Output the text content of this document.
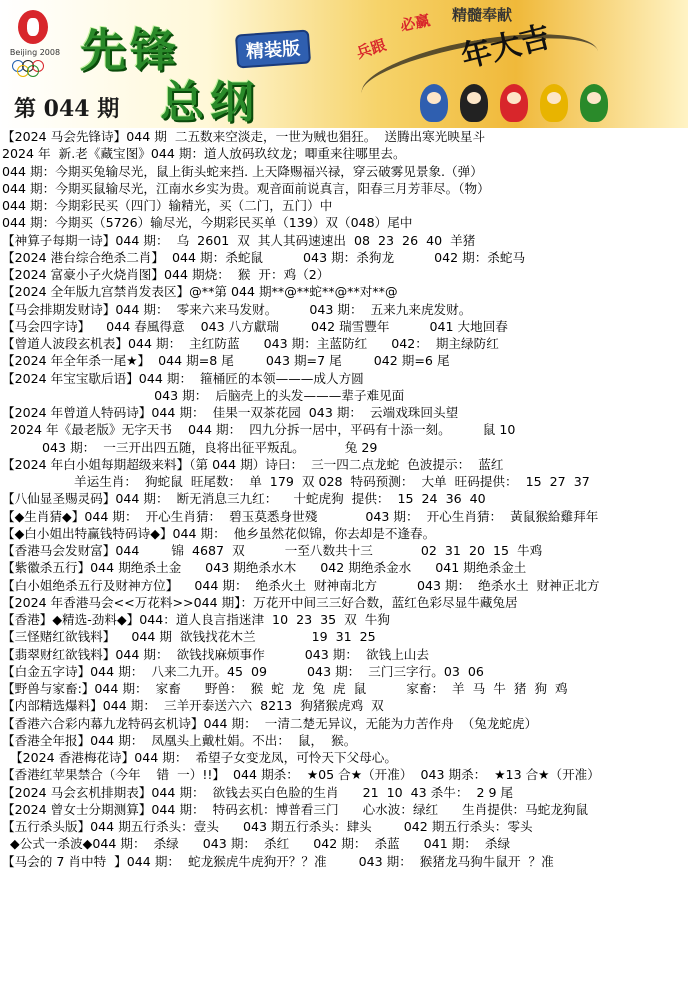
Beijing 2008 先锋
总纲
精装版
第 044 期
必赢 精髓奉献
兵跟 年大吉
【2024 马会先锋诗】044 期  二五数来空淡走，一世为贼也猖狂。  送腾出寒光映星斗
2024 年  新.老《藏宝图》044 期：道人放码玖纹龙；唧重来往哪里去。
044 期：今期买兔输尽光，鼠上街头蛇来挡. 上天降赐福兴禄，穿云破雾见景象.（弹）
044 期：今期买鼠输尽光，江南水乡实为贵。观音面前说真言，阳春三月芳菲尽。（物）
044 期：今期彩民买（四门）输精光，买（二门，五门）中
044 期：今期买（5726）输尽光，今期彩民买单（139）双（048）尾中
【神算子每期一诗】044 期：  乌  2601  双  其人其码速速出  08  23  26  40  羊猪
【2024 港台综合绝杀二肖】  044 期：杀蛇鼠          043 期：杀狗龙          042 期：杀蛇马
【2024 富豪小子火烧肖图】044 期烧：  猴  开：鸡（2）
【2024 全年版九宫禁肖发表区】@**第 044 期**@**蛇**@**对**@
【马会排期发财诗】044 期：  零来六来马发财。        043 期：  五来九来虎发财。
【马会四字诗】    044 春風得意    043 八方獻瑞        042 瑞雪豐年          041 大地回春
【曾道人波段玄机表】044 期：  主红防蓝      043 期：主蓝防红      042：  期主绿防红
【2024 年全年杀一尾★】  044 期=8 尾        043 期=7 尾        042 期=6 尾
【2024 年宝宝歇后语】044 期：  箍桶匠的本领———成人方圆
043 期：  后脑壳上的头发———辈子难见面
【2024 年曾道人特码诗】044 期：  佳果一双茶花园  043 期：  云端戏珠回头望
2024 年《最老版》无字天书    044 期：  四九分拆一居中，平码有十添一刻。        鼠 10
043 期：  一三开出四五随，良将出征平叛乱。          兔 29
【2024 年白小姐每期超级来料】（第 044 期）诗曰：  三一四二点龙蛇  色波提示：  蓝红
羊运生肖：  狗蛇鼠  旺尾数：  单  179  双 028  特码预测：  大单  旺码提供：  15  27  37
【八仙显圣赐灵码】044 期：  断无消息三九红：    十蛇虎狗  提供：  15  24  36  40
【◆生肖猜◆】044 期：  开心生肖猜：  碧玉莫悉身世殘            043 期：  开心生肖猜：  黃鼠猴給雞拜年
【◆白小姐出特赢钱特码诗◆】044 期：  他乡虽然花似锦，你去却是不逢春。
【香港马会发财富】044        锦  4687  双          一至八数共十三            02  31  20  15  牛鸡
【紫徽杀五行】044 期绝杀土金      043 期绝杀水木      042 期绝杀金水      041 期绝杀金土
【白小姐绝杀五行及财神方位】    044 期：  绝杀火土  财神南北方          043 期：  绝杀水土  财神正北方
【2024 年香港马会<<万花料>>044 期】：万花开中间三三好合数，蓝红色彩尽显牛藏兔居
【香港】◆精选-劲料◆】044：道人良言指迷津  10  23  35  双  牛狗
【三怪赌红欲钱料】    044 期  欲钱找花木兰              19  31  25
【翡翠财红欲钱料】044 期：  欲钱找麻烦事作          043 期：  欲钱上山去
【白金五字诗】044 期：  八来二九开。45  09          043 期：  三门三字行。03  06
【野兽与家畜:】044 期：  家畜      野兽：  猴  蛇  龙  兔  虎  鼠          家畜：  羊  马  牛  猪  狗  鸡
【内部精选爆料】044 期：  三羊开泰送六六  8213  狗猪猴虎鸡  双
【香港六合彩内幕九龙特码玄机诗】044 期：  一清二楚无异议，无能为力苦作舟  （兔龙蛇虎）
【香港全年报】044 期：  凤凰头上戴杜娟。不出：  鼠，  猴。
【2024 香港梅花诗】044 期：  希望子女变龙凤，可怜天下父母心。
【香港红苹果禁合（今年    错  一）!!】  044 期杀：  ★05 合★（开准）  043 期杀：  ★13 合★（开准）
【2024 马会玄机排期表】044 期：  欲钱去买白色脸的生肖      21  10  43 杀牛：  2 9 尾
【2024 曾女士分期测算】044 期：  特码玄机：博普看三门      心水波：绿红      生肖提供：马蛇龙狗鼠
【五行杀头版】044 期五行杀头：壹头      043 期五行杀头：肆头        042 期五行杀头：零头
◆公式一杀波◆044 期：  杀绿      043 期：  杀红      042 期：  杀蓝      041 期：  杀绿
【马会的 7 肖中特  】044 期：  蛇龙猴虎牛虎狗开？？准        043 期：  猴猪龙马狗牛鼠开  ？准
